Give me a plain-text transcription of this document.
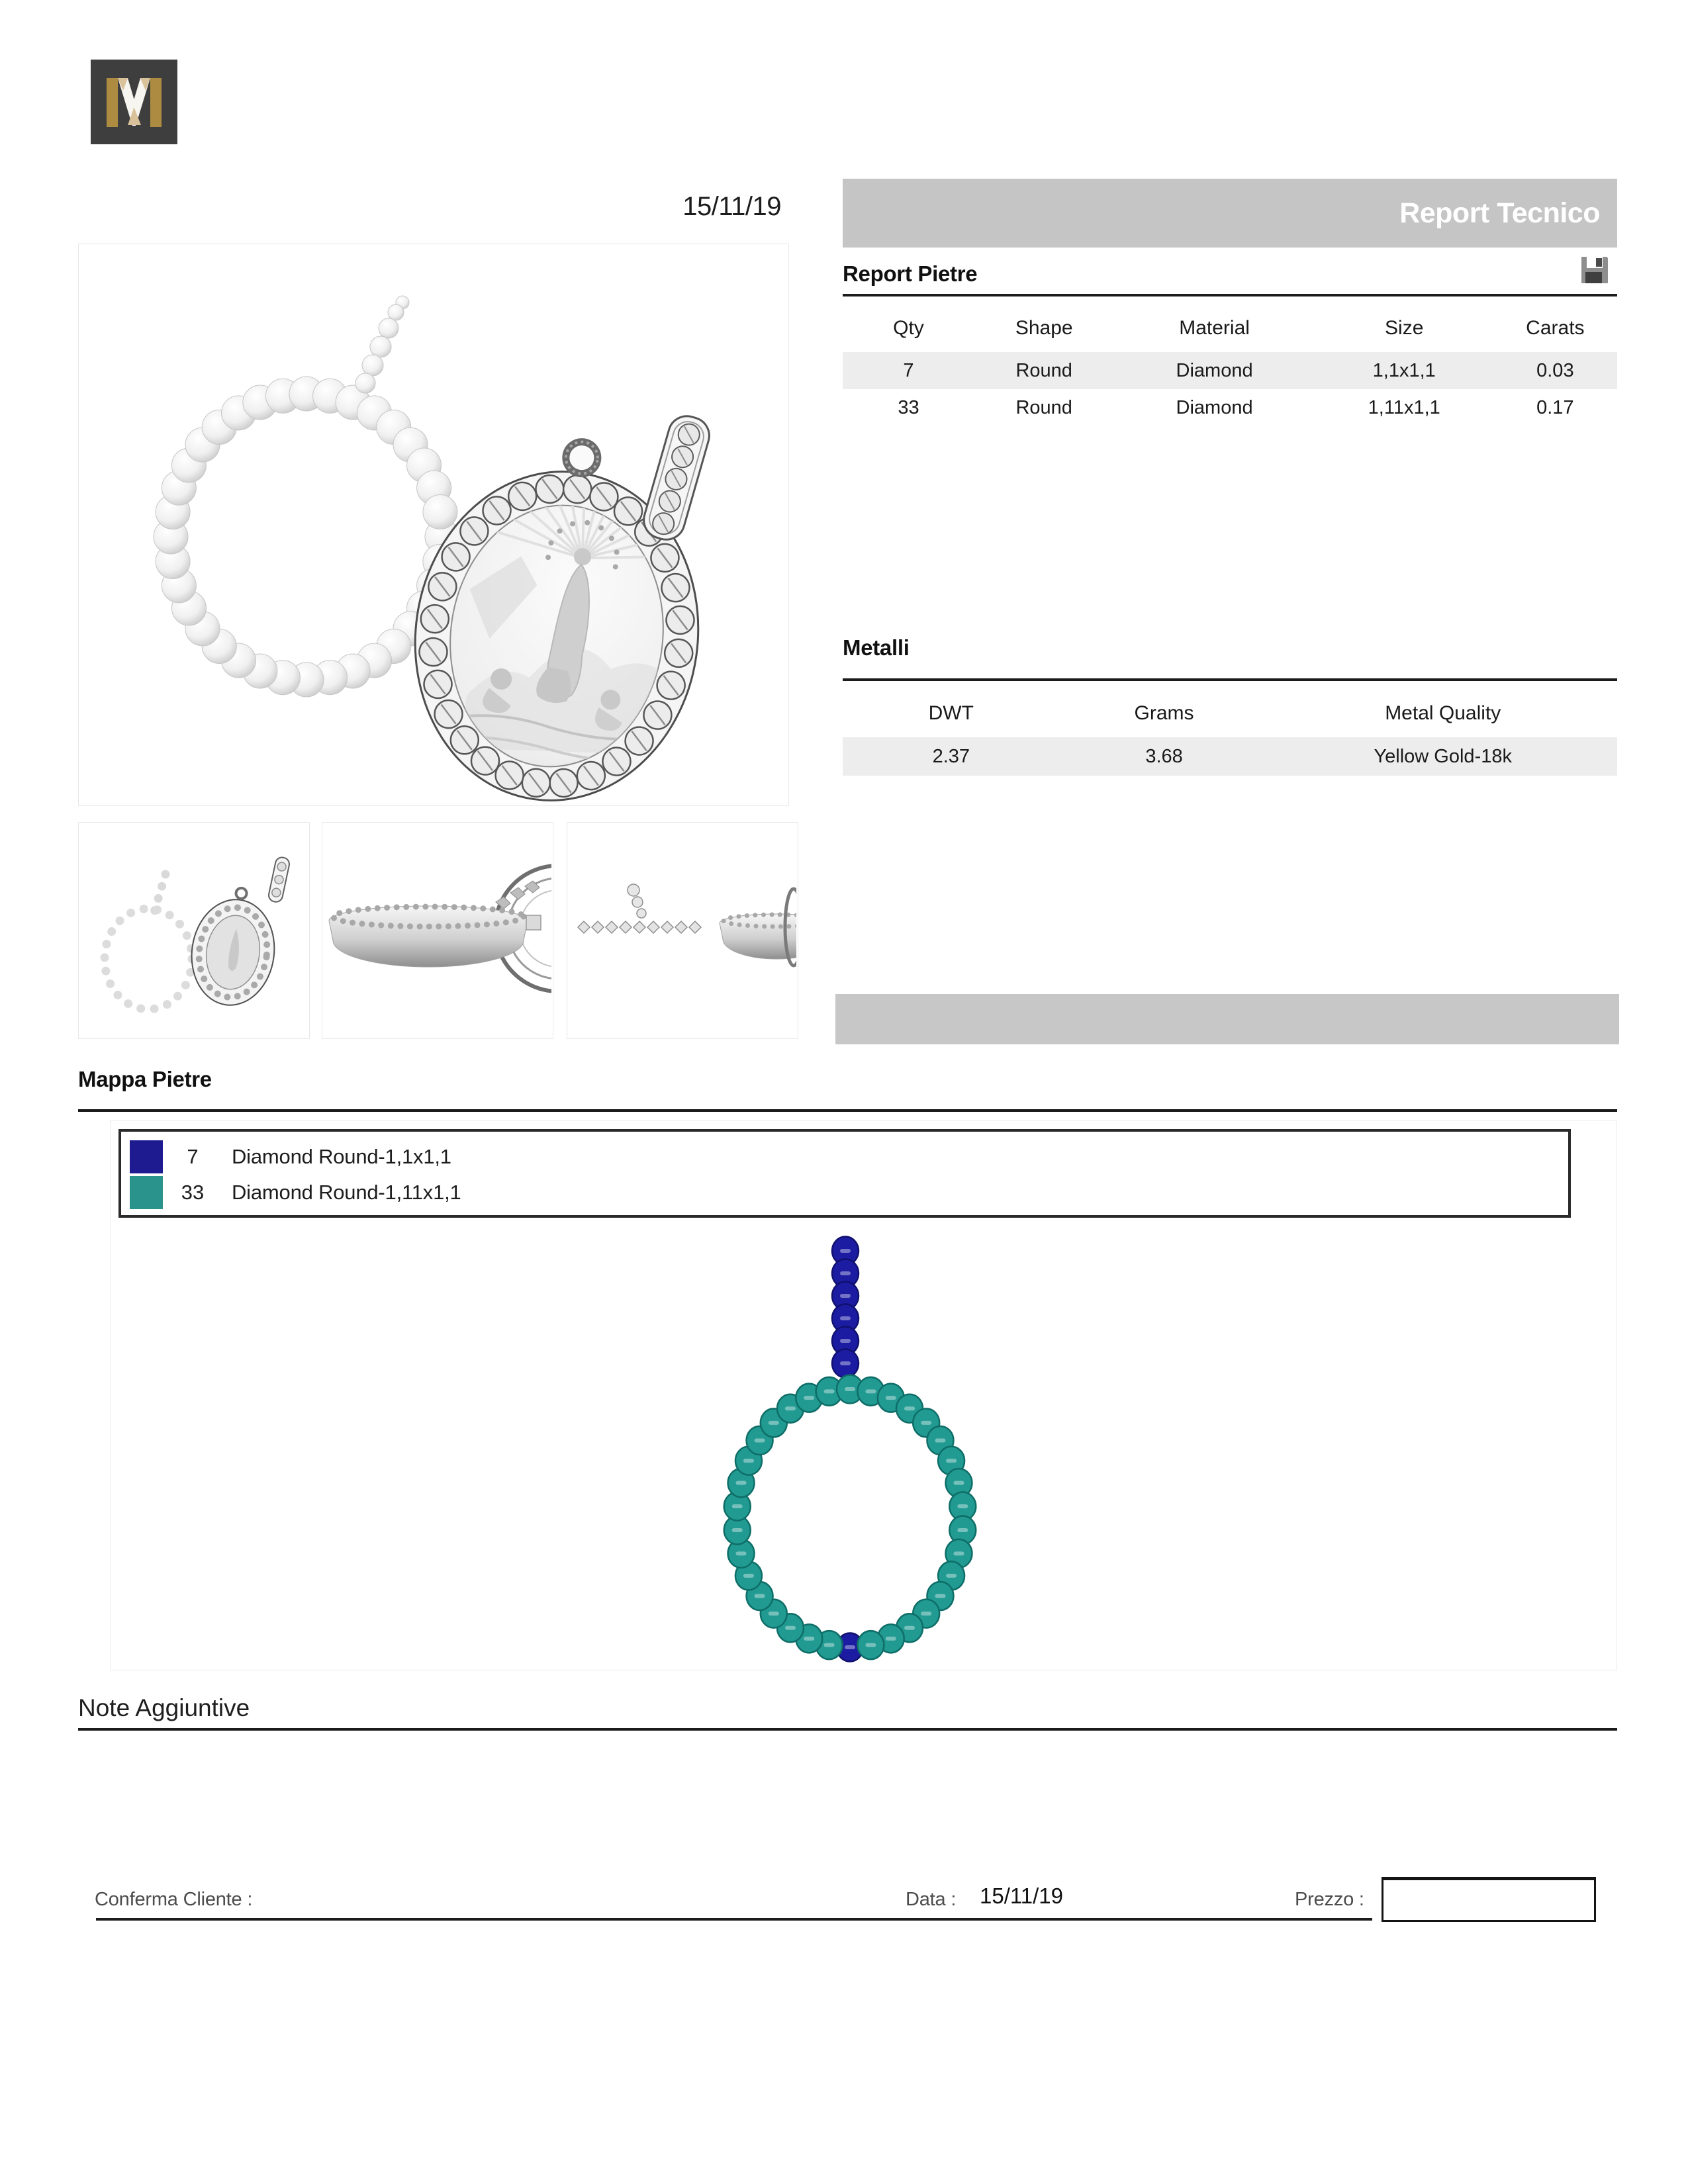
15/11/19	Report Tecnico
Report Pietre
Qty	Shape	Material	Size	Carats
7	Round	Diamond	1,1x1,1	0.03
33	Round	Diamond	1,11x1,1	0.17
Metalli
DWT	Grams	Metal Quality
2.37	3.68	Yellow Gold-18k
Mappa Pietre
7	Diamond Round-1,1x1,1
33	Diamond Round-1,11x1,1
Note Aggiuntive
Conferma Cliente :	Data : 15/11/19	Prezzo :
